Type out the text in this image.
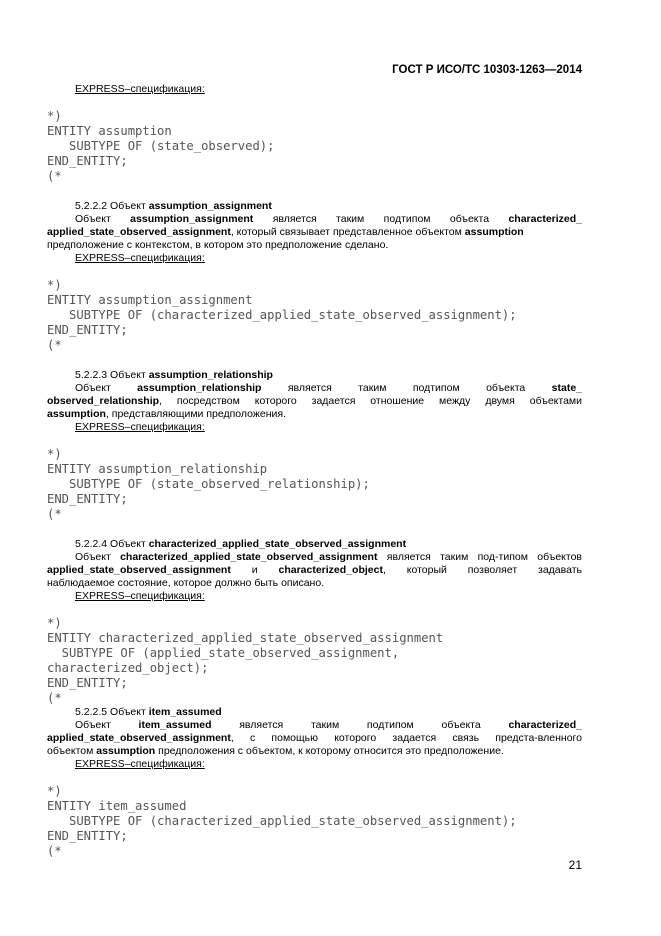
ГОСТ Р ИСО/ТС 10303-1263—2014
EXPRESS–спецификация:
*)
ENTITY assumption
SUBTYPE OF (state_observed);
END_ENTITY;
(*
5.2.2.2 Объект assumption_assignment
Объект assumption_assignment является таким подтипом объекта characterized_
applied_state_observed_assignment, который связывает представленное объектом assumption
предположение с контекстом, в котором это предположение сделано.
EXPRESS–спецификация:
*)
ENTITY assumption_assignment
SUBTYPE OF (characterized_applied_state_observed_assignment);
END_ENTITY;
(*
5.2.2.3 Объект assumption_relationship
Объект	assumption_relationship	является таким подтипом объекта	state_
observed_relationship, посредством которого задается отношение между двумя объектами
assumption, представляющими предположения.
EXPRESS–спецификация:
*)
ENTITY assumption_relationship
SUBTYPE OF (state_observed_relationship);
END_ENTITY;
(*
5.2.2.4 Объект characterized_applied_state_observed_assignment
Объект characterized_applied_state_observed_assignment является таким под-типом объектов
applied_state_observed_assignment и characterized_object, который позволяет задавать
наблюдаемое состояние, которое должно быть описано.
EXPRESS–спецификация:
*)
ENTITY characterized_applied_state_observed_assignment
SUBTYPE OF (applied_state_observed_assignment,
characterized_object);
END_ENTITY;
(*
5.2.2.5 Объект item_assumed
Объект	item_assumed	является таким подтипом объекта	characterized_
applied_state_observed_assignment, с помощью которого задается связь предста-вленного
объектом assumption предположения с объектом, к которому относится это предположение.
EXPRESS–спецификация:
*)
ENTITY item_assumed
SUBTYPE OF (characterized_applied_state_observed_assignment);
END_ENTITY;
(*
21
